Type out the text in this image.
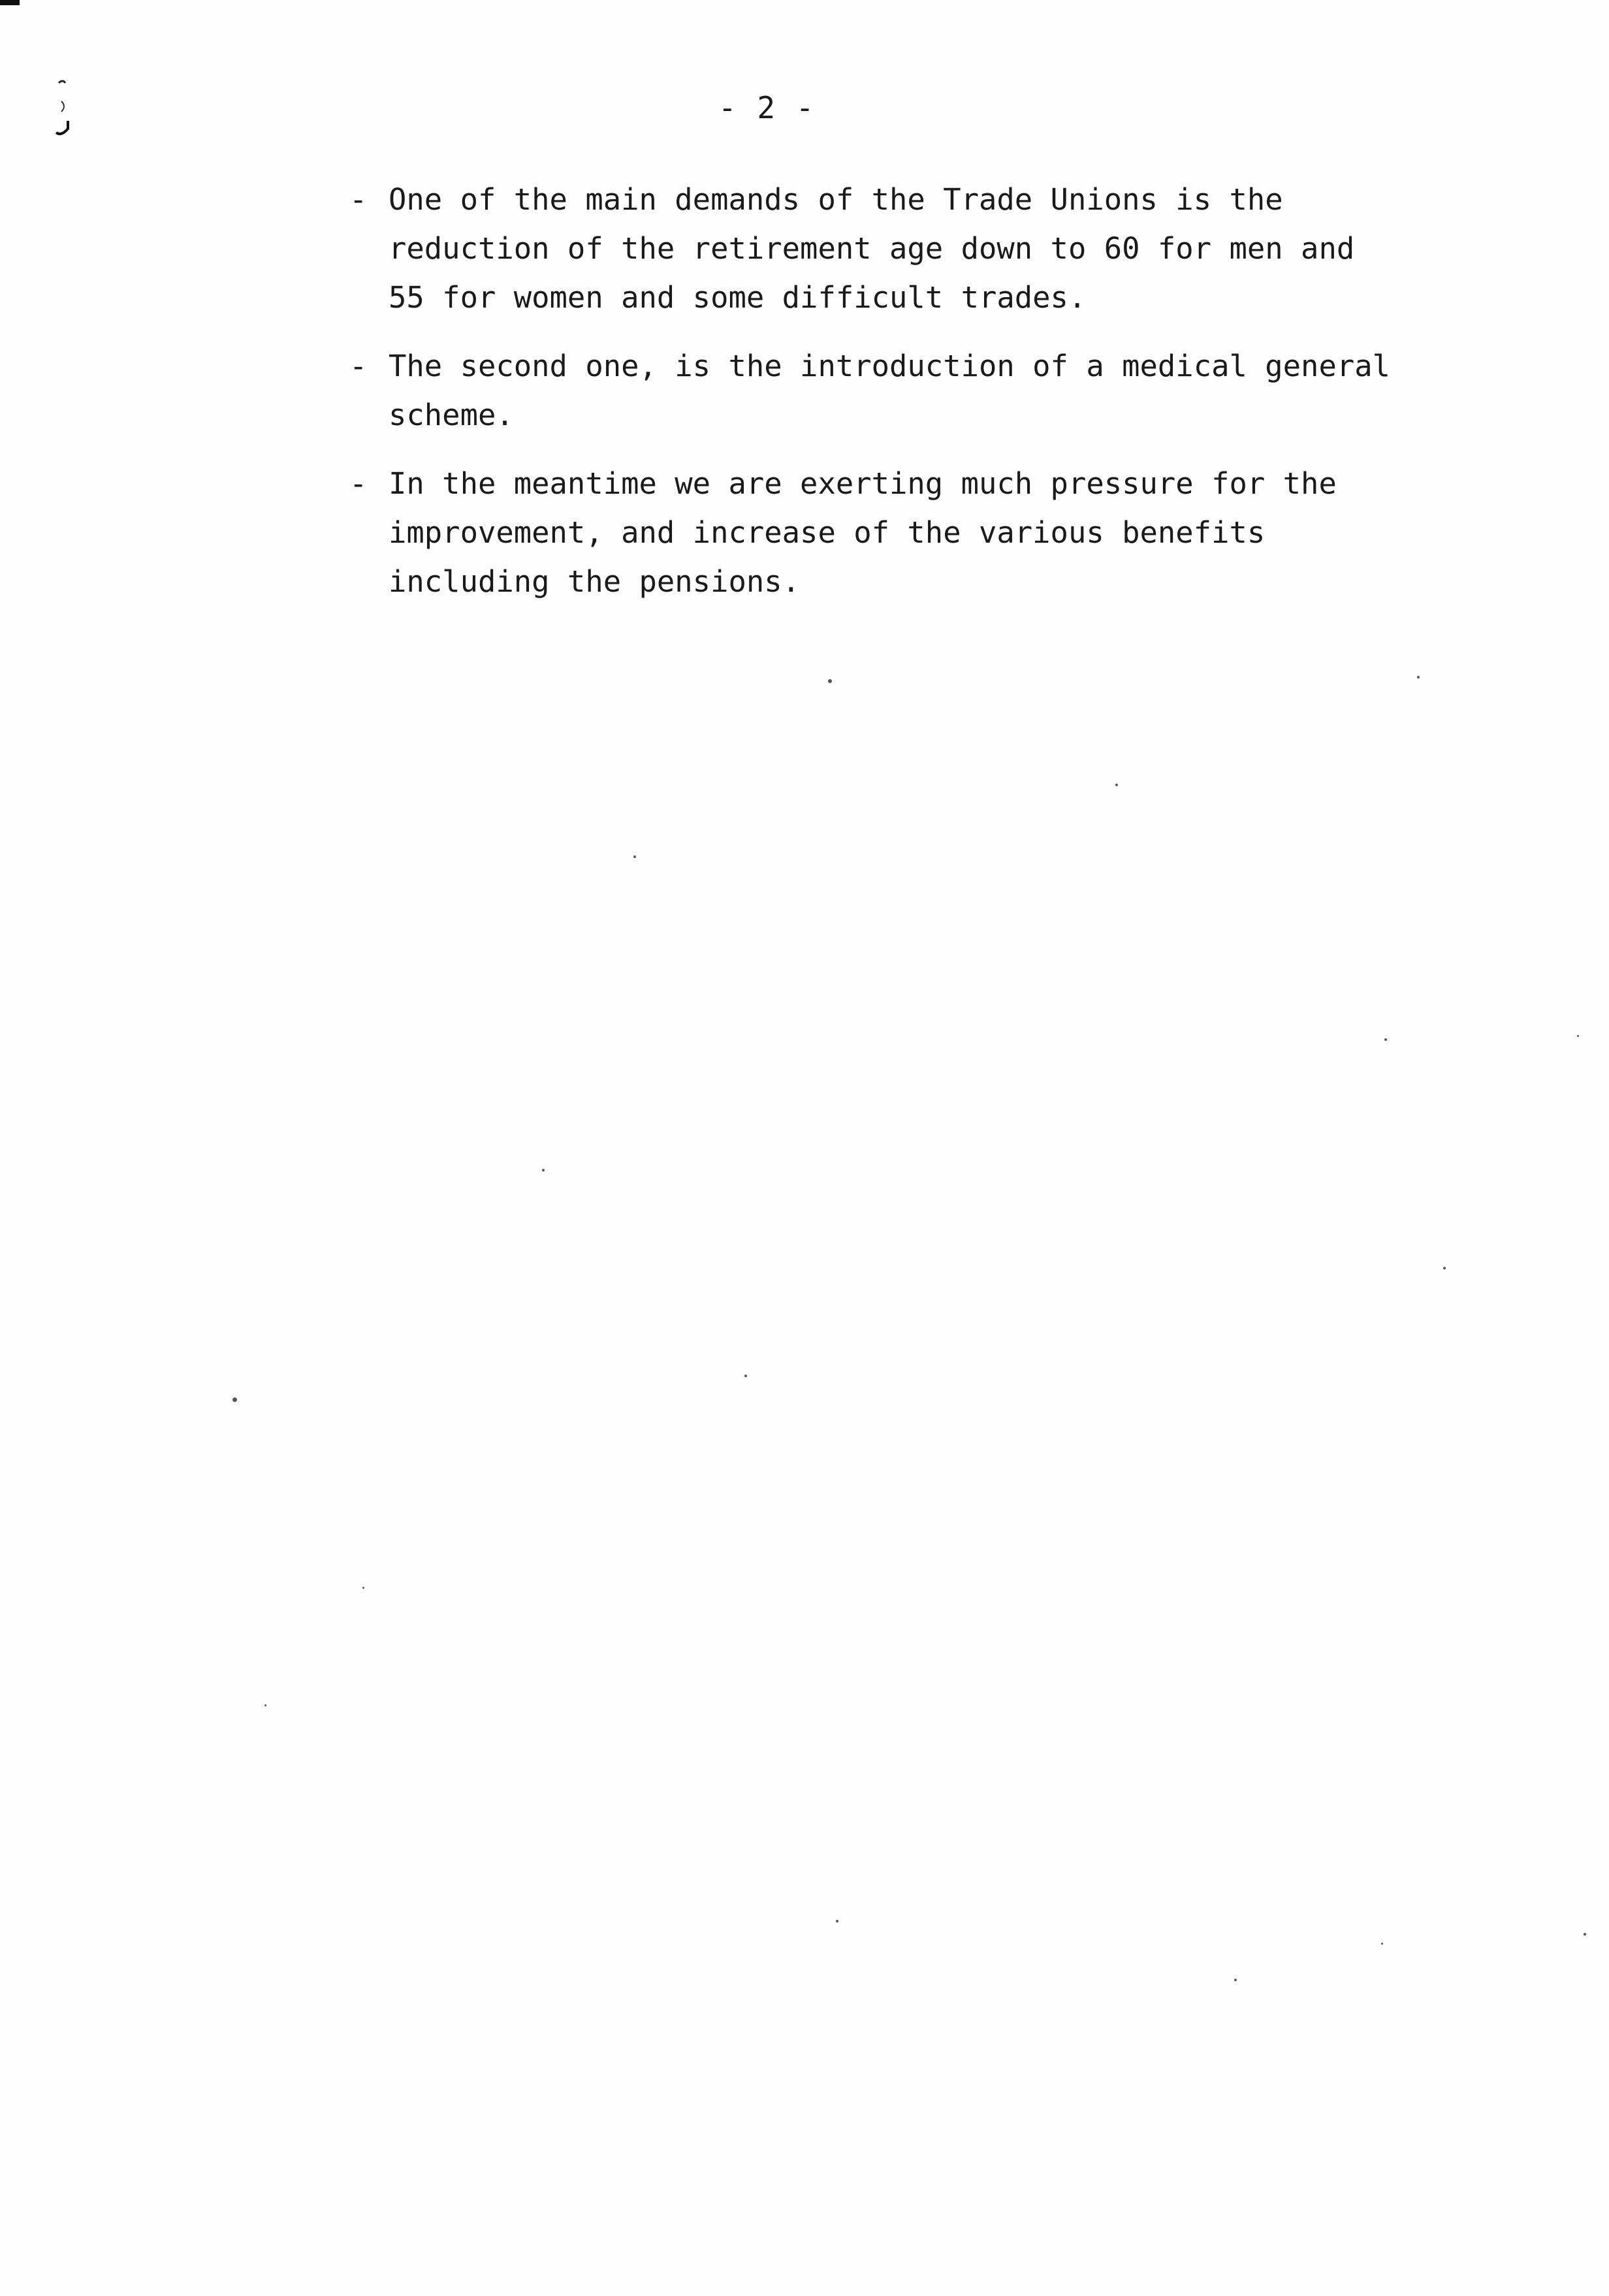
- 2 -
- One of the main demands of the Trade Unions is the
reduction of the retirement age down to 60 for men and
55 for women and some difficult trades.
- The second one, is the introduction of a medical general
scheme.
- In the meantime we are exerting much pressure for the
improvement, and increase of the various benefits
including the pensions.
